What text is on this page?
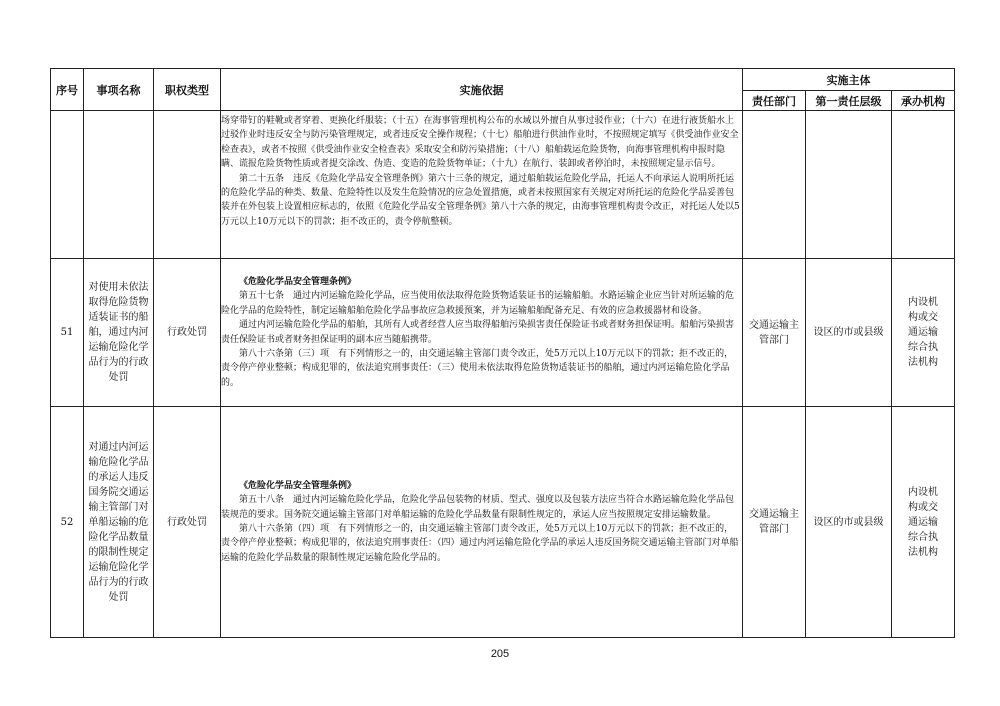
序号	事项名称	职权类型	实施依据	实施主体		
				责任部门	第一责任层级	承办机构

			场穿带钉的鞋靴或者穿着、更换化纤服装；（十五）在海事管理机构公布的水域以外擅自从事过驳作业；（十六）在进行液货船水上过驳作业时违反安全与防污染管理规定，或者违反安全操作规程；（十七）船舶进行供油作业时，不按照规定填写《供受油作业安全检查表》，或者不按照《供受油作业安全检查表》采取安全和防污染措施；（十八）船舶载运危险货物，向海事管理机构申报时隐瞒、谎报危险货物性质或者提交涂改、伪造、变造的危险货物单证；（十九）在航行、装卸或者停泊时，未按照规定显示信号。

第二十五条　违反《危险化学品安全管理条例》第六十三条的规定，通过船舶载运危险化学品，托运人不向承运人说明所托运的危险化学品的种类、数量、危险特性以及发生危险情况的应急处置措施，或者未按照国家有关规定对所托运的危险化学品妥善包装并在外包装上设置相应标志的，依照《危险化学品安全管理条例》第八十六条的规定，由海事管理机构责令改正，对托运人处以5万元以上10万元以下的罚款；拒不改正的，责令停航整顿。			

51	对使用未依法取得危险货物适装证书的船舶，通过内河运输危险化学品行为的行政处罚	行政处罚	《危险化学品安全管理条例》

第五十七条　通过内河运输危险化学品，应当使用依法取得危险货物适装证书的运输船舶。水路运输企业应当针对所运输的危险化学品的危险特性，制定运输船舶危险化学品事故应急救援预案，并为运输船舶配备充足、有效的应急救援器材和设备。

通过内河运输危险化学品的船舶，其所有人或者经营人应当取得船舶污染损害责任保险证书或者财务担保证明。船舶污染损害责任保险证书或者财务担保证明的副本应当随船携带。

第八十六条第（三）项　有下列情形之一的，由交通运输主管部门责令改正，处5万元以上10万元以下的罚款；拒不改正的，责令停产停业整顿；构成犯罪的，依法追究刑事责任：（三）使用未依法取得危险货物适装证书的船舶，通过内河运输危险化学品的。	交通运输主管部门	设区的市或县级	内设机构或交通运输综合执法机构
52	对通过内河运输危险化学品的承运人违反国务院交通运输主管部门对单船运输的危险化学品数量的限制性规定运输危险化学品行为的行政处罚	行政处罚	《危险化学品安全管理条例》

第五十八条　通过内河运输危险化学品，危险化学品包装物的材质、型式、强度以及包装方法应当符合水路运输危险化学品包装规范的要求。国务院交通运输主管部门对单船运输的危险化学品数量有限制性规定的，承运人应当按照规定安排运输数量。

第八十六条第（四）项　有下列情形之一的，由交通运输主管部门责令改正，处5万元以上10万元以下的罚款；拒不改正的，责令停产停业整顿；构成犯罪的，依法追究刑事责任：（四）通过内河运输危险化学品的承运人违反国务院交通运输主管部门对单船运输的危险化学品数量的限制性规定运输危险化学品的。	交通运输主管部门	设区的市或县级	内设机构或交通运输综合执法机构
205
